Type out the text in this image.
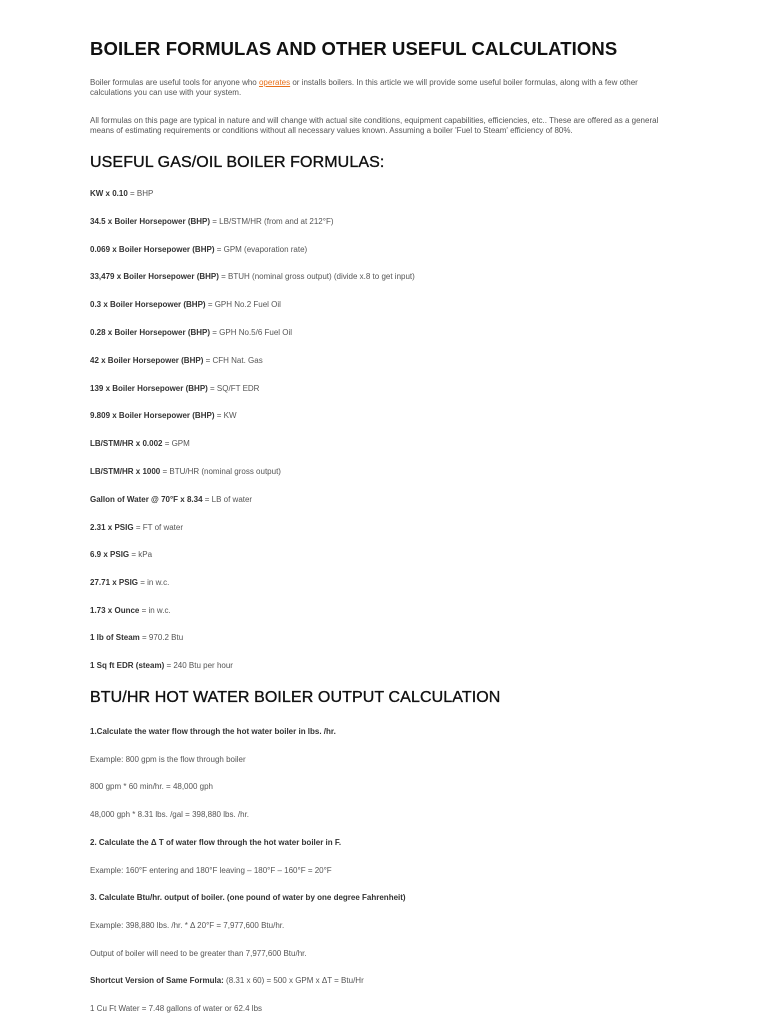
BOILER FORMULAS AND OTHER USEFUL CALCULATIONS
Boiler formulas are useful tools for anyone who operates or installs boilers. In this article we will provide some useful boiler formulas, along with a few other calculations you can use with your system.
All formulas on this page are typical in nature and will change with actual site conditions, equipment capabilities, efficiencies, etc.. These are offered as a general means of estimating requirements or conditions without all necessary values known. Assuming a boiler 'Fuel to Steam' efficiency of 80%.
USEFUL GAS/OIL BOILER FORMULAS:
KW x 0.10 = BHP
34.5 x Boiler Horsepower (BHP) = LB/STM/HR (from and at 212°F)
0.069 x Boiler Horsepower (BHP) = GPM (evaporation rate)
33,479 x Boiler Horsepower (BHP) = BTUH (nominal gross output) (divide x.8 to get input)
0.3 x Boiler Horsepower (BHP) = GPH No.2 Fuel Oil
0.28 x Boiler Horsepower (BHP) = GPH No.5/6 Fuel Oil
42 x Boiler Horsepower (BHP) = CFH Nat. Gas
139 x Boiler Horsepower (BHP) = SQ/FT EDR
9.809 x Boiler Horsepower (BHP) = KW
LB/STM/HR x 0.002 = GPM
LB/STM/HR x 1000 = BTU/HR (nominal gross output)
Gallon of Water @ 70°F x 8.34 = LB of water
2.31 x PSIG = FT of water
6.9 x PSIG = kPa
27.71 x PSIG = in w.c.
1.73 x Ounce = in w.c.
1 lb of Steam = 970.2 Btu
1 Sq ft EDR (steam) = 240 Btu per hour
BTU/HR HOT WATER BOILER OUTPUT CALCULATION
1.Calculate the water flow through the hot water boiler in lbs. /hr.
Example: 800 gpm is the flow through boiler
800 gpm * 60 min/hr. = 48,000 gph
48,000 gph * 8.31 lbs. /gal = 398,880 lbs. /hr.
2. Calculate the Δ T of water flow through the hot water boiler in F.
Example: 160°F entering and 180°F leaving – 180°F – 160°F = 20°F
3. Calculate Btu/hr. output of boiler. (one pound of water by one degree Fahrenheit)
Example: 398,880 lbs. /hr. * Δ 20°F = 7,977,600 Btu/hr.
Output of boiler will need to be greater than 7,977,600 Btu/hr.
Shortcut Version of Same Formula: (8.31 x 60) = 500 x GPM x ΔT = Btu/Hr
1 Cu Ft Water = 7.48 gallons of water or 62.4 lbs
